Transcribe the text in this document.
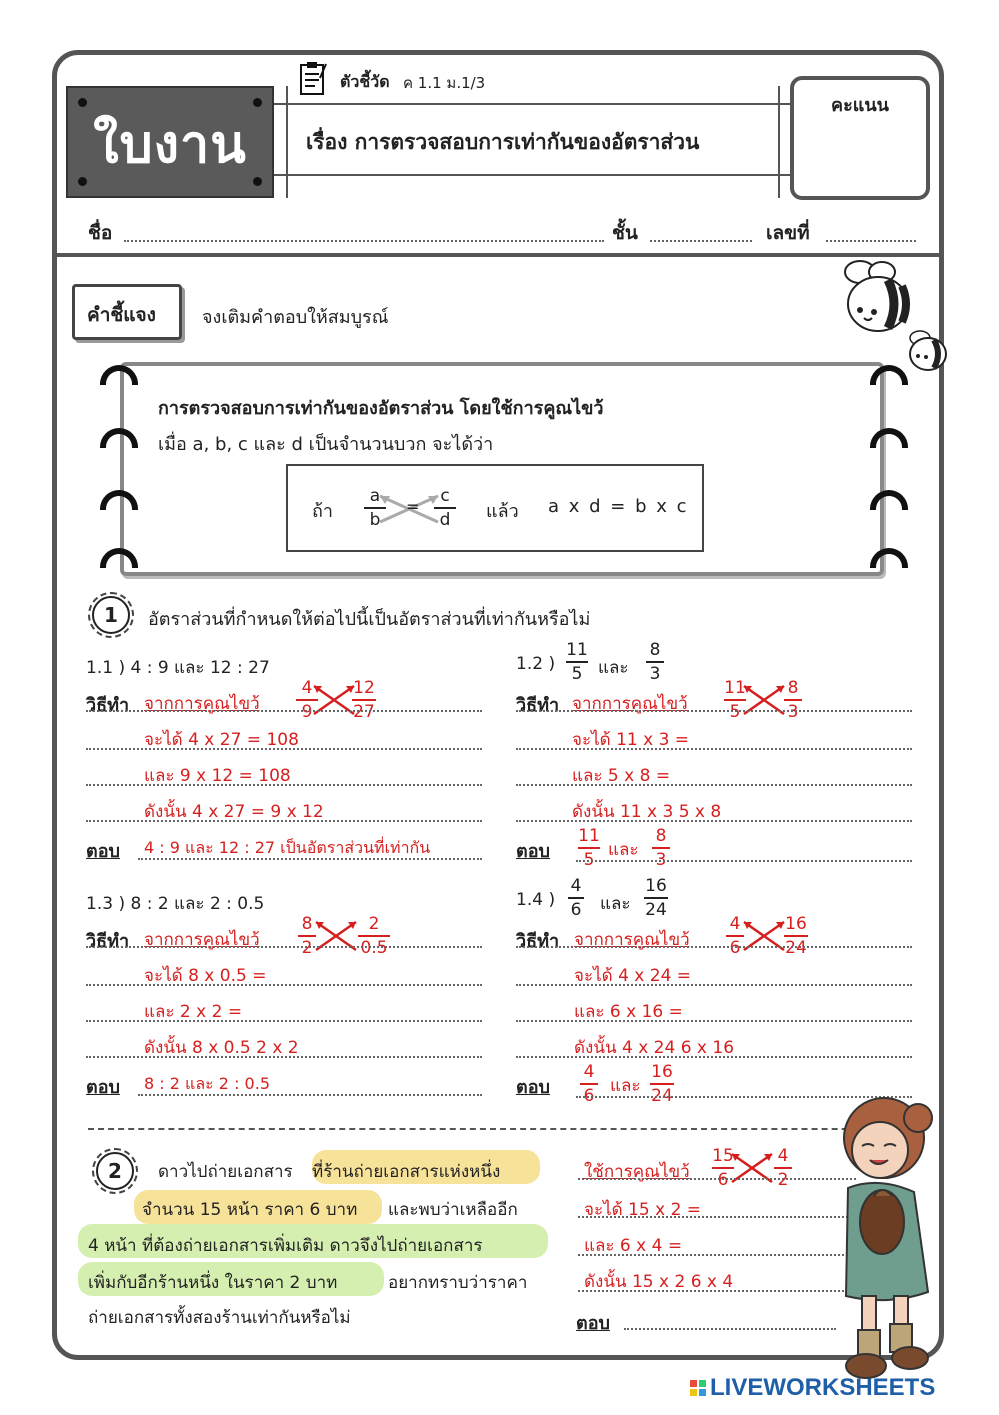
ใบงาน
ตัวชี้วัด ค 1.1 ม.1/3
เรื่อง การตรวจสอบการเท่ากันของอัตราส่วน
คะแนน
ชื่อ	ชั้น	เลขที่
คำชี้แจง	จงเติมคำตอบให้สมบูรณ์
การตรวจสอบการเท่ากันของอัตราส่วน โดยใช้การคูณไขว้
เมื่อ a, b, c และ d เป็นจำนวนบวก จะได้ว่า
ถ้า
a
b
=
c
d แล้ว a x d = b x c
1	อัตราส่วนที่กำหนดให้ต่อไปนี้เป็นอัตราส่วนที่เท่ากันหรือไม่
1.1 ) 4 : 9 และ 12 : 27
วิธีทำ จากการคูณไขว้
4
9
12
27
จะได้ 4 x 27 = 108
และ 9 x 12 = 108
ดังนั้น 4 x 27 = 9 x 12
ตอบ 4 : 9 และ 12 : 27 เป็นอัตราส่วนที่เท่ากัน
1.2 )
11
5 และ
8
3
วิธีทำ จากการคูณไขว้
11
5
8
3
จะได้ 11 x 3 =
และ 5 x 8 =
ดังนั้น 11 x 3 5 x 8
ตอบ
11
5 และ
8
3
1.3 ) 8 : 2 และ 2 : 0.5
วิธีทำ จากการคูณไขว้
8
2
2
0.5
จะได้ 8 x 0.5 =
และ 2 x 2 =
ดังนั้น 8 x 0.5 2 x 2
ตอบ 8 : 2 และ 2 : 0.5
1.4 )
4
6 และ
16
24
วิธีทำ จากการคูณไขว้
4
6
16
24
จะได้ 4 x 24 =
และ 6 x 16 =
ดังนั้น 4 x 24 6 x 16
ตอบ
4
6 และ
16
24
2	ดาวไปถ่ายเอกสาร ที่ร้านถ่ายเอกสารแห่งหนึ่ง
จำนวน 15 หน้า ราคา 6 บาท และพบว่าเหลืออีก
4 หน้า ที่ต้องถ่ายเอกสารเพิ่มเติม ดาวจึงไปถ่ายเอกสาร
เพิ่มกับอีกร้านหนึ่ง ในราคา 2 บาท	อยากทราบว่าราคา
ถ่ายเอกสารทั้งสองร้านเท่ากันหรือไม่
ใช้การคูณไขว้
15
6
4
2
จะได้ 15 x 2 =
และ 6 x 4 =
ดังนั้น 15 x 2 6 x 4
ตอบ
LIVEWORKSHEETS
